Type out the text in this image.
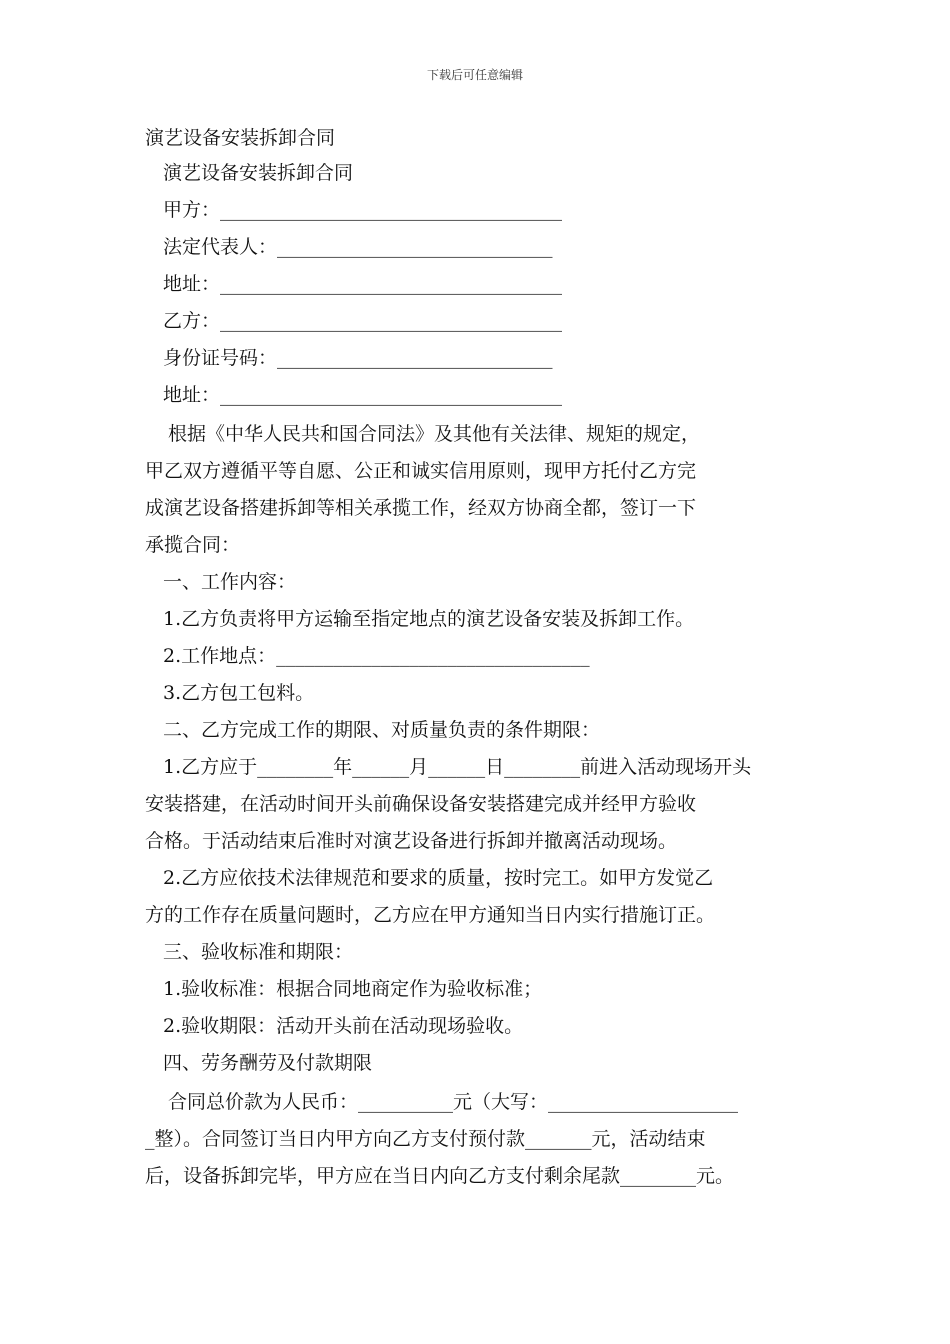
下载后可任意编辑
演艺设备安装拆卸合同
演艺设备安装拆卸合同
甲方：____________________________________
法定代表人：_____________________________
地址：____________________________________
乙方：____________________________________
身份证号码：_____________________________
地址：____________________________________
根据《中华人民共和国合同法》及其他有关法律、规矩的规定，
甲乙双方遵循平等自愿、公正和诚实信用原则，现甲方托付乙方完
成演艺设备搭建拆卸等相关承揽工作，经双方协商全都，签订一下
承揽合同：
一、工作内容：
1.乙方负责将甲方运输至指定地点的演艺设备安装及拆卸工作。
2.工作地点：_________________________________
3.乙方包工包料。
二、乙方完成工作的期限、对质量负责的条件期限：
1.乙方应于________年______月______日________前进入活动现场开头
安装搭建，在活动时间开头前确保设备安装搭建完成并经甲方验收
合格。于活动结束后准时对演艺设备进行拆卸并撤离活动现场。
2.乙方应依技术法律规范和要求的质量，按时完工。如甲方发觉乙
方的工作存在质量问题时，乙方应在甲方通知当日内实行措施订正。
三、验收标准和期限：
1.验收标准：根据合同地商定作为验收标准；
2.验收期限：活动开头前在活动现场验收。
四、劳务酬劳及付款期限
合同总价款为人民币：__________元（大写：____________________
_整）。合同签订当日内甲方向乙方支付预付款_______元，活动结束
后，设备拆卸完毕，甲方应在当日内向乙方支付剩余尾款________元。
